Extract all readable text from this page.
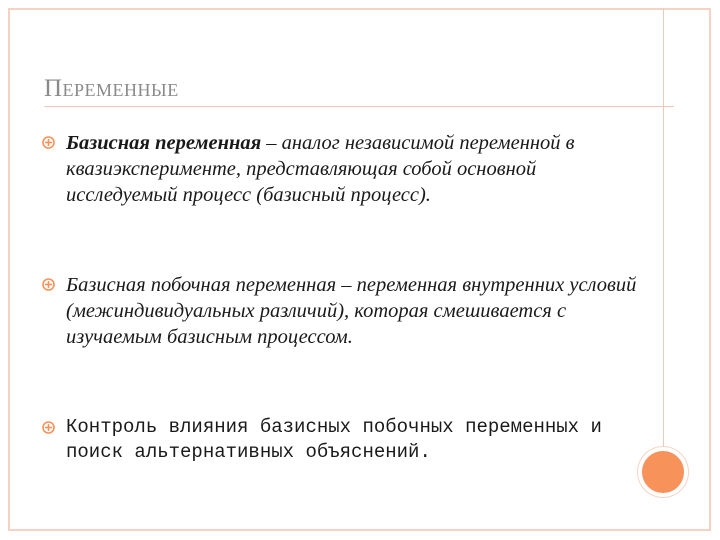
Переменные
Базисная переменная – аналог независимой переменной в квазиэксперименте, представляющая собой основной исследуемый процесс (базисный процесс).
Базисная побочная переменная – переменная внутренних условий (межиндивидуальных различий), которая смешивается с изучаемым базисным процессом.
Контроль влияния базисных побочных переменных и поиск альтернативных объяснений.
